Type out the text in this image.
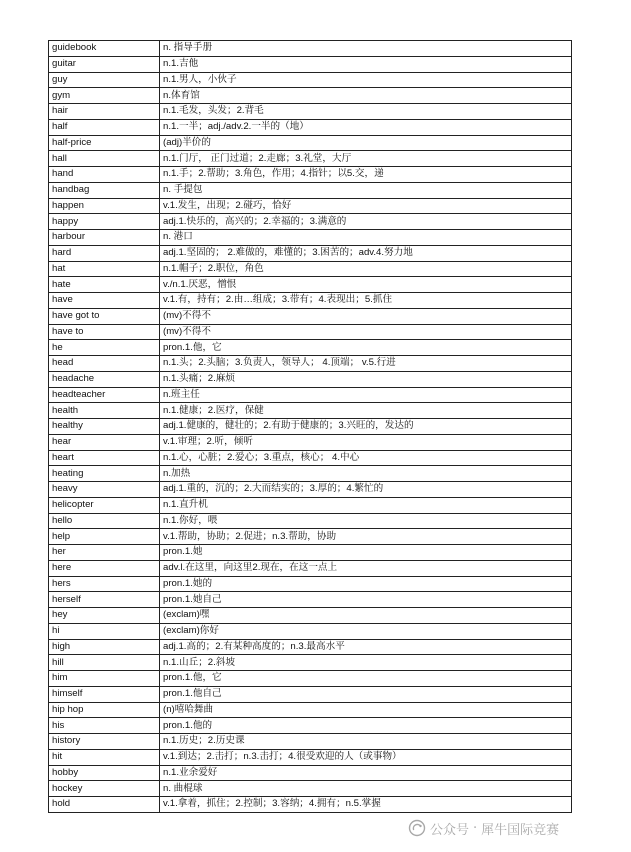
guidebook	n. 指导手册
guitar	n.1.吉他
guy	n.1.男人，小伙子
gym	n.体育馆
hair	n.1.毛发，头发；2.背毛
half	n.1.一半；adj./adv.2.一半的（地）
half-price	(adj)半价的
hall	n.1.门厅， 正门过道；2.走廊；3.礼堂，大厅
hand	n.1.手；2.帮助；3.角色，作用；4.指针；以5.交，递
handbag	n. 手提包
happen	v.1.发生，出现；2.碰巧，恰好
happy	adj.1.快乐的，高兴的；2.幸福的；3.满意的
harbour	n. 港口
hard	adj.1.坚固的； 2.难做的，难懂的；3.困苦的；adv.4.努力地
hat	n.1.帽子；2.职位，角色
hate	v./n.1.厌恶，憎恨
have	v.1.有，持有；2.由…组成；3.带有；4.表现出；5.抓住
have got to	(mv)不得不
have to	(mv)不得不
he	pron.1.他，它
head	n.1.头；2.头脑；3.负责人，领导人； 4.顶端； v.5.行进
headache	n.1.头痛；2.麻烦
headteacher	n.班主任
health	n.1.健康；2.医疗，保健
healthy	adj.1.健康的，健壮的；2.有助于健康的；3.兴旺的，发达的
hear	v.1.审理；2.听，倾听
heart	n.1.心，心脏；2.爱心；3.重点，核心； 4.中心
heating	n.加热
heavy	adj.1.重的，沉的；2.大而结实的；3.厚的；4.繁忙的
helicopter	n.1.直升机
hello	n.1.你好，喂
help	v.1.帮助，协助；2.促进；n.3.帮助，协助
her	pron.1.她
here	adv.l.在这里，向这里2.现在，在这一点上
hers	pron.1.她的
herself	pron.1.她自己
hey	(exclam)嘿
hi	(exclam)你好
high	adj.1.高的；2.有某种高度的；n.3.最高水平
hill	n.1.山丘；2.斜坡
him	pron.1.他，它
himself	pron.1.他自己
hip hop	(n)嘻哈舞曲
his	pron.1.他的
history	n.1.历史；2.历史课
hit	v.1.到达；2.击打；n.3.击打；4.很受欢迎的人（或事物）
hobby	n.1.业余爱好
hockey	n. 曲棍球
hold	v.1.拿着，抓住；2.控制；3.容纳；4.拥有；n.5.掌握
公众号 · 犀牛国际竞赛
